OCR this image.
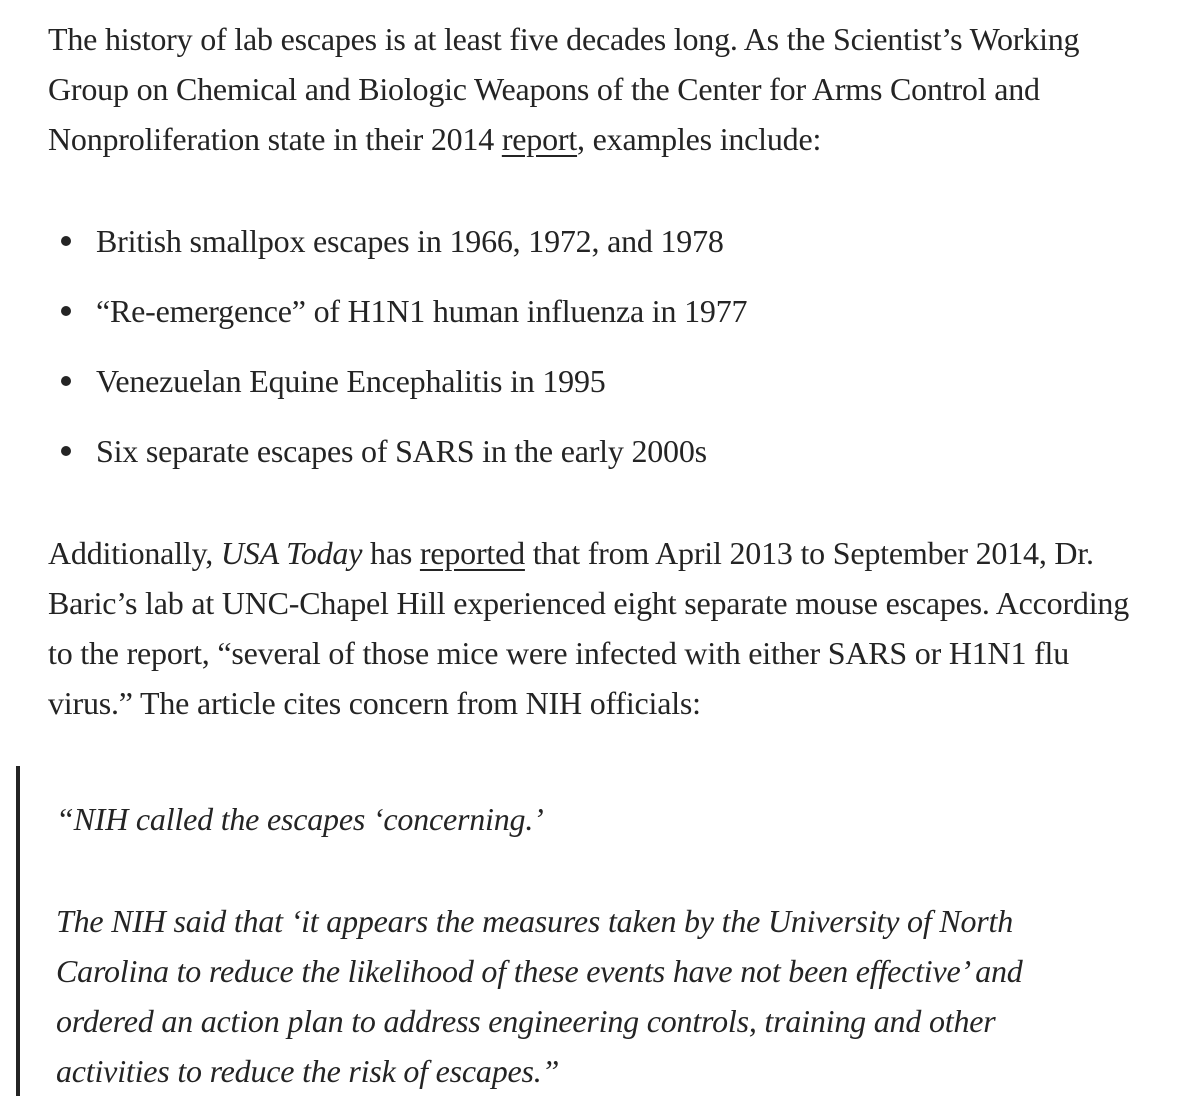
The history of lab escapes is at least five decades long. As the Scientist’s Working Group on Chemical and Biologic Weapons of the Center for Arms Control and Nonproliferation state in their 2014 report, examples include:

British smallpox escapes in 1966, 1972, and 1978
“Re-emergence” of H1N1 human influenza in 1977
Venezuelan Equine Encephalitis in 1995
Six separate escapes of SARS in the early 2000s

Additionally, USA Today has reported that from April 2013 to September 2014, Dr. Baric’s lab at UNC-Chapel Hill experienced eight separate mouse escapes. According to the report, “several of those mice were infected with either SARS or H1N1 flu virus.” The article cites concern from NIH officials:

“NIH called the escapes ‘concerning.’

The NIH said that ‘it appears the measures taken by the University of North Carolina to reduce the likelihood of these events have not been effective’ and ordered an action plan to address engineering controls, training and other activities to reduce the risk of escapes.”
